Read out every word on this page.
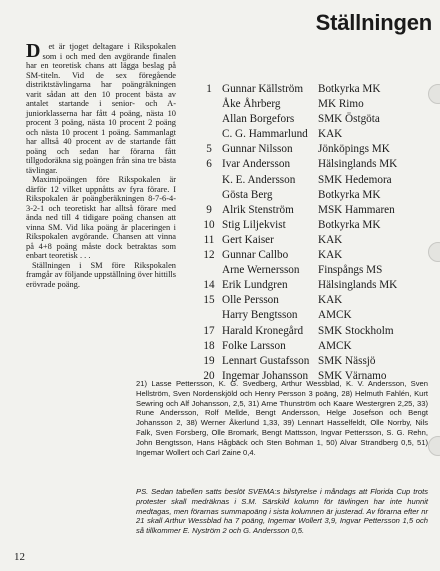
Ställningen

Det är tjoget deltagare i Rikspokalen som i och med den avgörande finalen har en teoretisk chans att lägga beslag på SM-titeln. Vid de sex föregående distriktstävlingarna har poängräkningen varit sådan att den 10 procent bästa av antalet startande i senior- och A-juniorklasserna har fått 4 poäng, nästa 10 procent 3 poäng, nästa 10 procent 2 poäng och nästa 10 procent 1 poäng. Sammanlagt har alltså 40 procent av de startande fått poäng och sedan har förarna fått tillgodoräkna sig poängen från sina tre bästa tävlingar.

Maximipoängen före Rikspokalen är därför 12 vilket uppnåtts av fyra förare. I Rikspokalen är poängberäkningen 8-7-6-4-3-2-1 och teoretiskt har alltså förare med ända ned till 4 tidigare poäng chansen att vinna SM. Vid lika poäng är placeringen i Rikspokalen avgörande. Chansen att vinna på 4+8 poäng måste dock betraktas som enbart teoretisk . . .

Ställningen i SM före Rikspokalen framgår av följande uppställning över hittills erövrade poäng.

1 Gunnar Källström	Botkyrka MK
Åke Åhrberg	MK Rimo
Allan Borgefors	SMK Östgöta
C. G. Hammarlund KAK
5 Gunnar Nilsson	Jönköpings MK
6 Ivar Andersson	Hälsinglands MK
K. E. Andersson	SMK Hedemora
Gösta Berg	Botkyrka MK
9 Alrik Stenström	MSK Hammaren
10 Stig Liljekvist	Botkyrka MK
11 Gert Kaiser	KAK
12 Gunnar Callbo	KAK
Arne Wernersson	Finspångs MS
14 Erik Lundgren	Hälsinglands MK
15 Olle Persson	KAK
Harry Bengtsson	AMCK
17 Harald Kronegård	SMK Stockholm
18 Folke Larsson	AMCK
19 Lennart Gustafsson SMK Nässjö
20 Ingemar Johansson SMK Värnamo
21) Lasse Pettersson, K. G. Svedberg, Arthur Wessblad, K. V. Andersson, Sven Hellström, Sven Nordenskjöld och Henry Persson 3 poäng, 28) Helmuth Fahlén, Kurt Sewring och Alf Johansson, 2,5, 31) Arne Thunström och Kaare Westergren 2,25, 33) Rune Andersson, Rolf Mellde, Bengt Andersson, Helge Josefson och Bengt Johansson 2, 38) Werner Åkerlund 1,33, 39) Lennart Hasselfeldt, Olle Norrby, Nils Falk, Sven Forsberg, Olle Bromark, Bengt Mattsson, Ingvar Pettersson, S. G. Rehn, John Bengtsson, Hans Hågbäck och Sten Bohman 1, 50) Alvar Strandberg 0,5, 51) Ingemar Wollert och Carl Zaine 0,4.
PS. Sedan tabellen satts beslöt SVEMA:s bilstyrelse i måndags att Florida Cup trots protester skall medräknas i S.M. Särskild kolumn för tävlingen har inte hunnit medtagas, men förarnas summapoäng i sista kolumnen är justerad. Av förarna efter nr 21 skall Arthur Wessblad ha 7 poäng, Ingemar Wollert 3,9, Ingvar Pettersson 1,5 och så tillkommer E. Nyström 2 och G. Andersson 0,5.
12
